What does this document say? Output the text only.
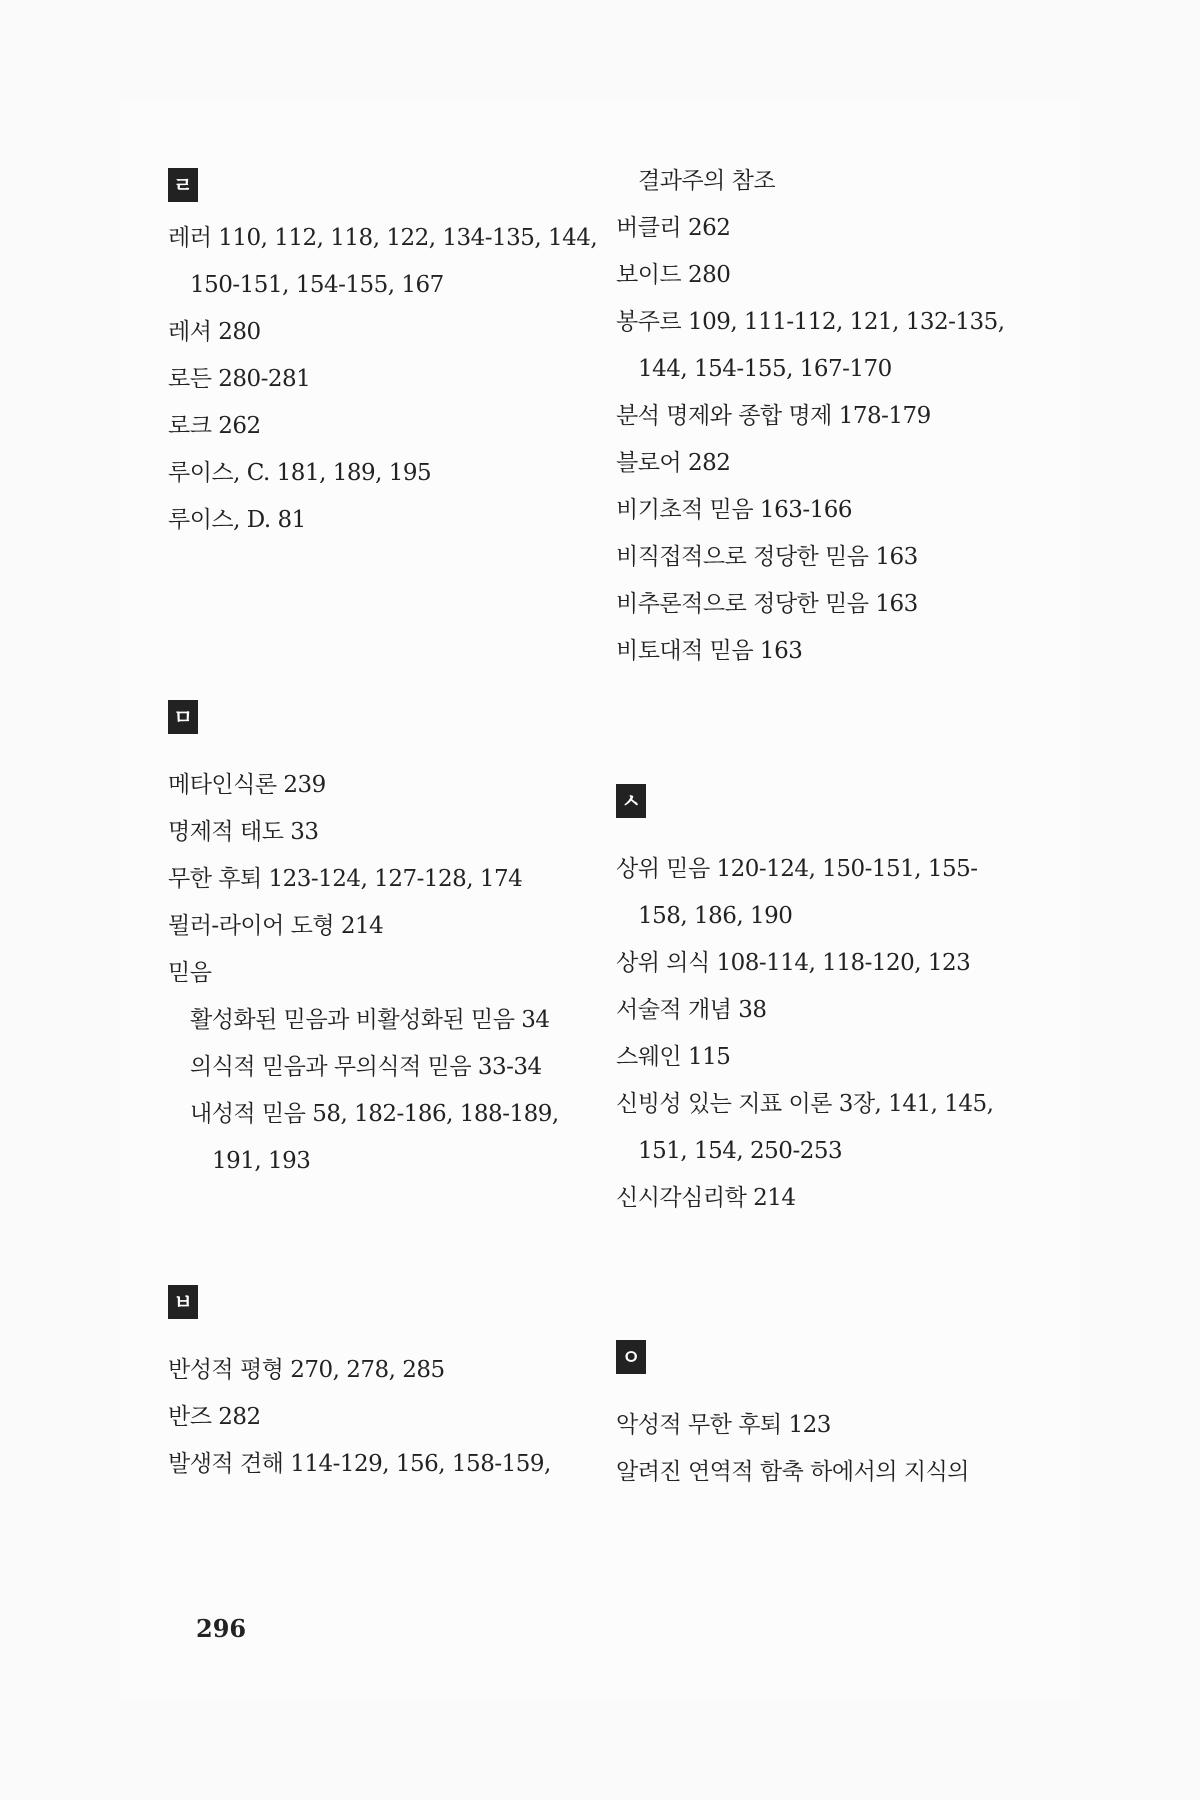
ㄹ
레러 110, 112, 118, 122, 134-135, 144,
150-151, 154-155, 167
레셔 280
로든 280-281
로크 262
루이스, C. 181, 189, 195
루이스, D. 81
ㅁ
메타인식론 239
명제적 태도 33
무한 후퇴 123-124, 127-128, 174
뮐러-라이어 도형 214
믿음
활성화된 믿음과 비활성화된 믿음 34
의식적 믿음과 무의식적 믿음 33-34
내성적 믿음 58, 182-186, 188-189,
191, 193
ㅂ
반성적 평형 270, 278, 285
반즈 282
발생적 견해 114-129, 156, 158-159,
결과주의 참조
버클리 262
보이드 280
봉주르 109, 111-112, 121, 132-135,
144, 154-155, 167-170
분석 명제와 종합 명제 178-179
블로어 282
비기초적 믿음 163-166
비직접적으로 정당한 믿음 163
비추론적으로 정당한 믿음 163
비토대적 믿음 163
ㅅ
상위 믿음 120-124, 150-151, 155-
158, 186, 190
상위 의식 108-114, 118-120, 123
서술적 개념 38
스웨인 115
신빙성 있는 지표 이론 3장, 141, 145,
151, 154, 250-253
신시각심리학 214
ㅇ
악성적 무한 후퇴 123
알려진 연역적 함축 하에서의 지식의
296
